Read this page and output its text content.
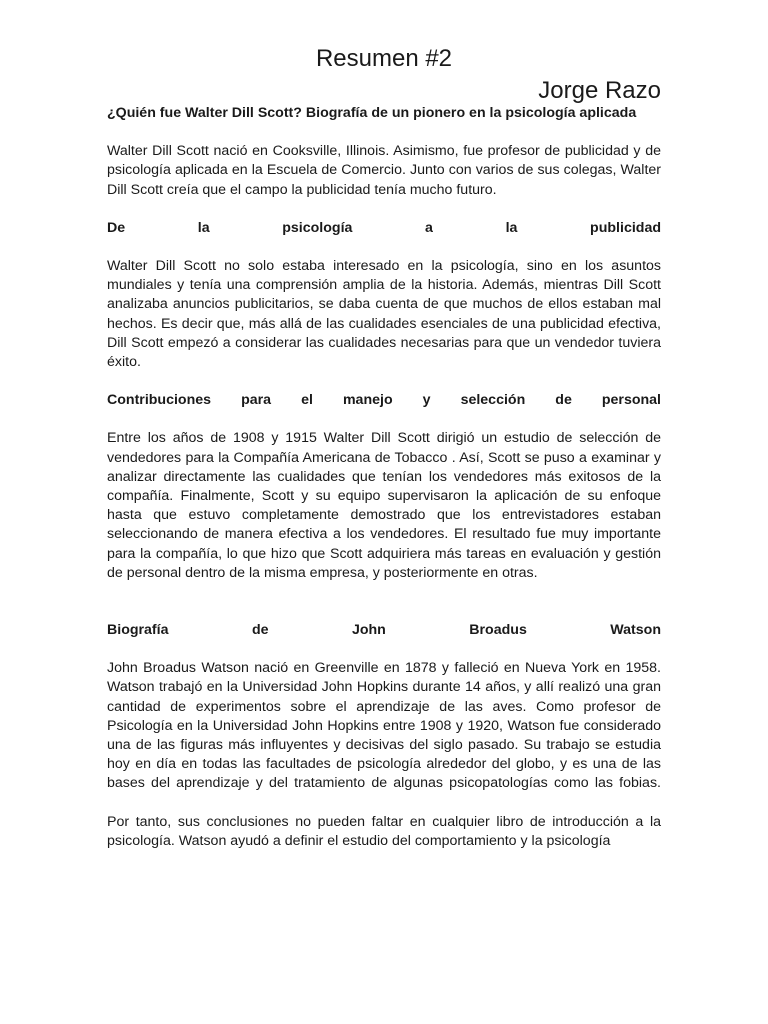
Resumen #2
Jorge Razo

¿Quién fue Walter Dill Scott? Biografía de un pionero en la psicología aplicada

Walter Dill Scott nació en Cooksville, Illinois. Asimismo, fue profesor de publicidad y de psicología aplicada en la Escuela de Comercio. Junto con varios de sus colegas, Walter Dill Scott creía que el campo la publicidad tenía mucho futuro.

De la psicología a la publicidad

Walter Dill Scott no solo estaba interesado en la psicología, sino en los asuntos mundiales y tenía una comprensión amplia de la historia. Además, mientras Dill Scott analizaba anuncios publicitarios, se daba cuenta de que muchos de ellos estaban mal hechos. Es decir que, más allá de las cualidades esenciales de una publicidad efectiva, Dill Scott empezó a considerar las cualidades necesarias para que un vendedor tuviera éxito.

Contribuciones para el manejo y selección de personal

Entre los años de 1908 y 1915 Walter Dill Scott dirigió un estudio de selección de vendedores para la Compañía Americana de Tobacco . Así, Scott se puso a examinar y analizar directamente las cualidades que tenían los vendedores más exitosos de la compañía. Finalmente, Scott y su equipo supervisaron la aplicación de su enfoque hasta que estuvo completamente demostrado que los entrevistadores estaban seleccionando de manera efectiva a los vendedores. El resultado fue muy importante para la compañía, lo que hizo que Scott adquiriera más tareas en evaluación y gestión de personal dentro de la misma empresa, y posteriormente en otras.

Biografía de John Broadus Watson

John Broadus Watson nació en Greenville en 1878 y falleció en Nueva York en 1958. Watson trabajó en la Universidad John Hopkins durante 14 años, y allí realizó una gran cantidad de experimentos sobre el aprendizaje de las aves. Como profesor de Psicología en la Universidad John Hopkins entre 1908 y 1920, Watson fue considerado una de las figuras más influyentes y decisivas del siglo pasado. Su trabajo se estudia hoy en día en todas las facultades de psicología alrededor del globo, y es una de las bases del aprendizaje y del tratamiento de algunas psicopatologías como las fobias.

Por tanto, sus conclusiones no pueden faltar en cualquier libro de introducción a la psicología. Watson ayudó a definir el estudio del comportamiento y la psicología
